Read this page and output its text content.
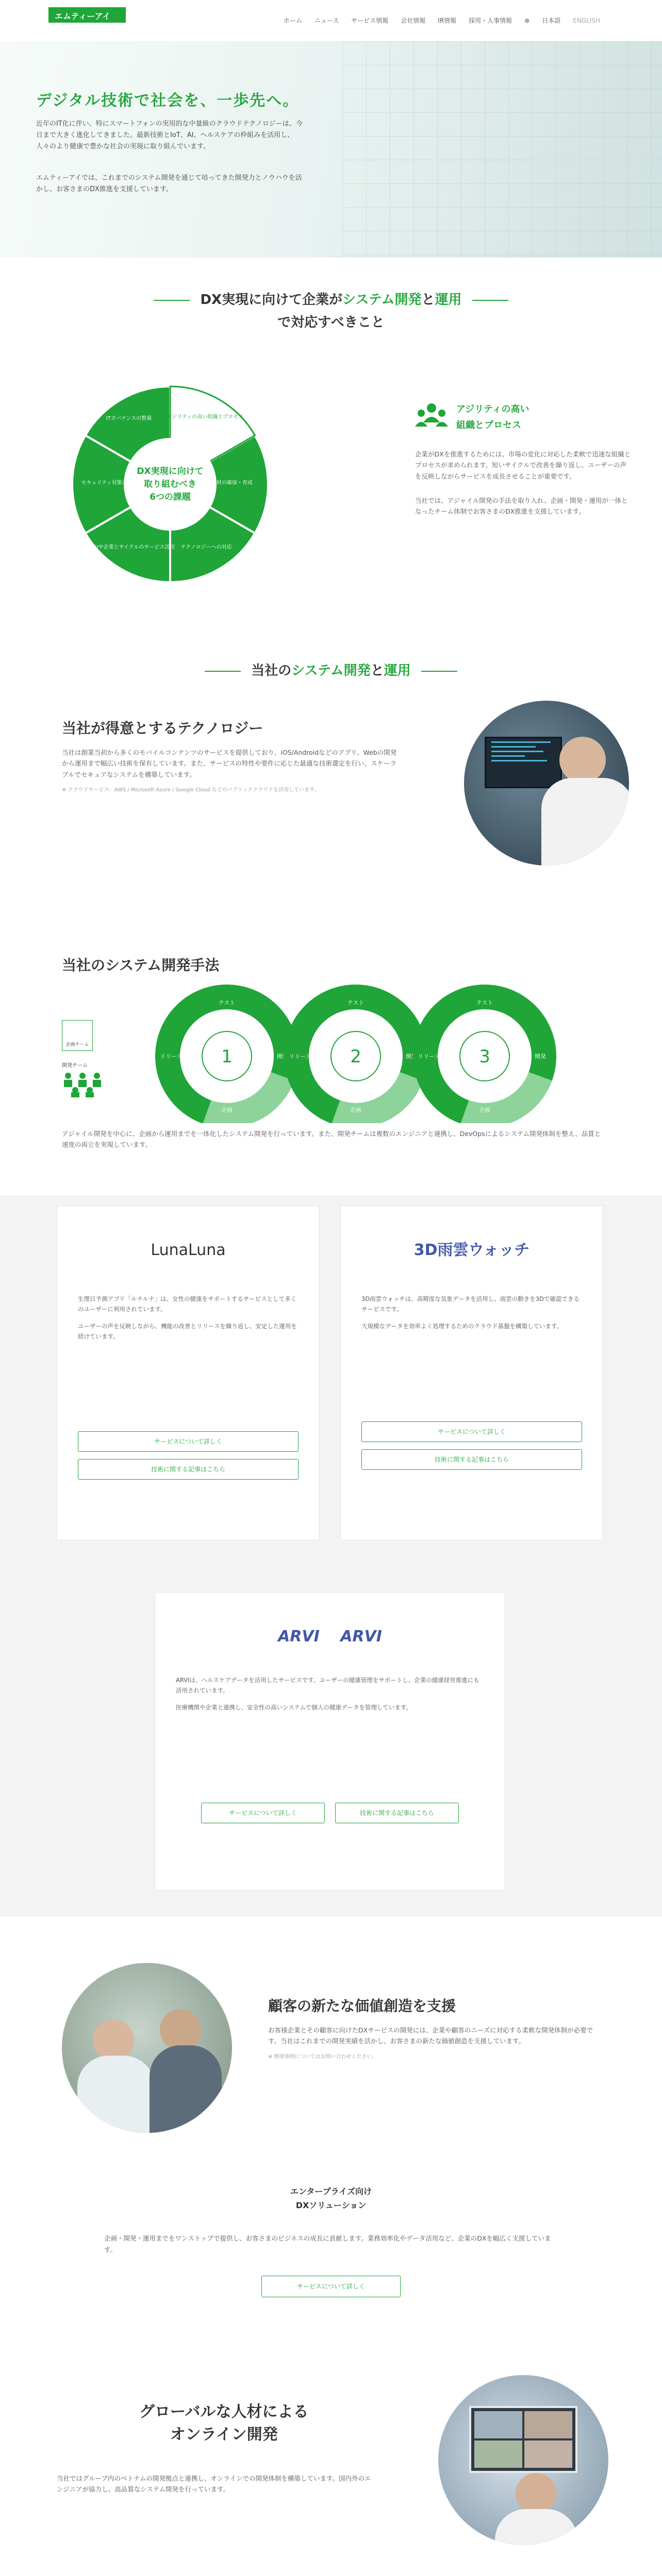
エムティーアイ	ホーム ニュース サービス情報 会社情報 IR情報 採用・人事情報 ⊕ 日本語 ENGLISH
デジタル技術で社会を、一歩先へ。

近年のIT化に伴い、特にスマートフォンの実用的な中量級のクラウドテクノロジーは、今日まで大きく進化してきました。最新技術とIoT、AI、ヘルスケアの枠組みを活用し、人々のより健康で豊かな社会の実現に取り組んでいます。

エムティーアイでは、これまでのシステム開発を通じて培ってきた開発力とノウハウを活かし、お客さまのDX推進を支援しています。

DX実現に向けて企業がシステム開発と運用
で対応すべきこと
DX実現に向けて
取り組むべき
6つの課題
ITガバナンスの整備	アジリティの高い組織とプロセス
人材の確保・育成
テクノロジーへの対応
AIや企業とサイクルのサービス活用
セキュリティ対策の強化
アジリティの高い
組織とプロセス

企業がDXを推進するためには、市場の変化に対応した柔軟で迅速な組織とプロセスが求められます。短いサイクルで改善を繰り返し、ユーザーの声を反映しながらサービスを成長させることが重要です。

当社では、アジャイル開発の手法を取り入れ、企画・開発・運用が一体となったチーム体制でお客さまのDX推進を支援しています。

当社のシステム開発と運用
当社が得意とするテクノロジー

当社は創業当初から多くのモバイルコンテンツのサービスを提供しており、iOS/Androidなどのアプリ、Webの開発から運用まで幅広い技術を保有しています。また、サービスの特性や要件に応じた最適な技術選定を行い、スケーラブルでセキュアなシステムを構築しています。

※ クラウドサービス：AWS / Microsoft Azure / Google Cloud などのパブリッククラウドを活用しています。

当社のシステム開発手法
企画チーム
開発チーム	1
テスト
リリース
企画
開発	2
テスト
リリース
企画
開発	3
テスト
リリース
企画
開発

アジャイル開発を中心に、企画から運用までを一体化したシステム開発を行っています。また、開発チームは複数のエンジニアと連携し、DevOpsによるシステム開発体制を整え、品質と速度の両立を実現しています。

LunaLuna

生理日予測アプリ「ルナルナ」は、女性の健康をサポートするサービスとして多くのユーザーに利用されています。

ユーザーの声を反映しながら、機能の改善とリリースを繰り返し、安定した運用を続けています。

サービスについて詳しく
技術に関する記事はこちら
3D雨雲ウォッチ

3D雨雲ウォッチは、高精度な気象データを活用し、雨雲の動きを3Dで確認できるサービスです。

大規模なデータを効率よく処理するためのクラウド基盤を構築しています。

サービスについて詳しく
技術に関する記事はこちら
ARVI ARVI

ARVIは、ヘルスケアデータを活用したサービスです。ユーザーの健康管理をサポートし、企業の健康経営推進にも活用されています。

医療機関や企業と連携し、安全性の高いシステムで個人の健康データを管理しています。

サービスについて詳しく	技術に関する記事はこちら
顧客の新たな価値創造を支援

お客様企業とその顧客に向けたDXサービスの開発には、企業や顧客のニーズに対応する柔軟な開発体制が必要です。当社はこれまでの開発実績を活かし、お客さまの新たな価値創造を支援しています。

※ 開発事例についてはお問い合わせください。

エンタープライズ向け
DXソリューション

企画・開発・運用までをワンストップで提供し、お客さまのビジネスの成長に貢献します。業務効率化やデータ活用など、企業のDXを幅広く支援しています。

サービスについて詳しく
グローバルな人材による
オンライン開発

当社ではグループ内のベトナムの開発拠点と連携し、オンラインでの開発体制を構築しています。国内外のエンジニアが協力し、高品質なシステム開発を行っています。
